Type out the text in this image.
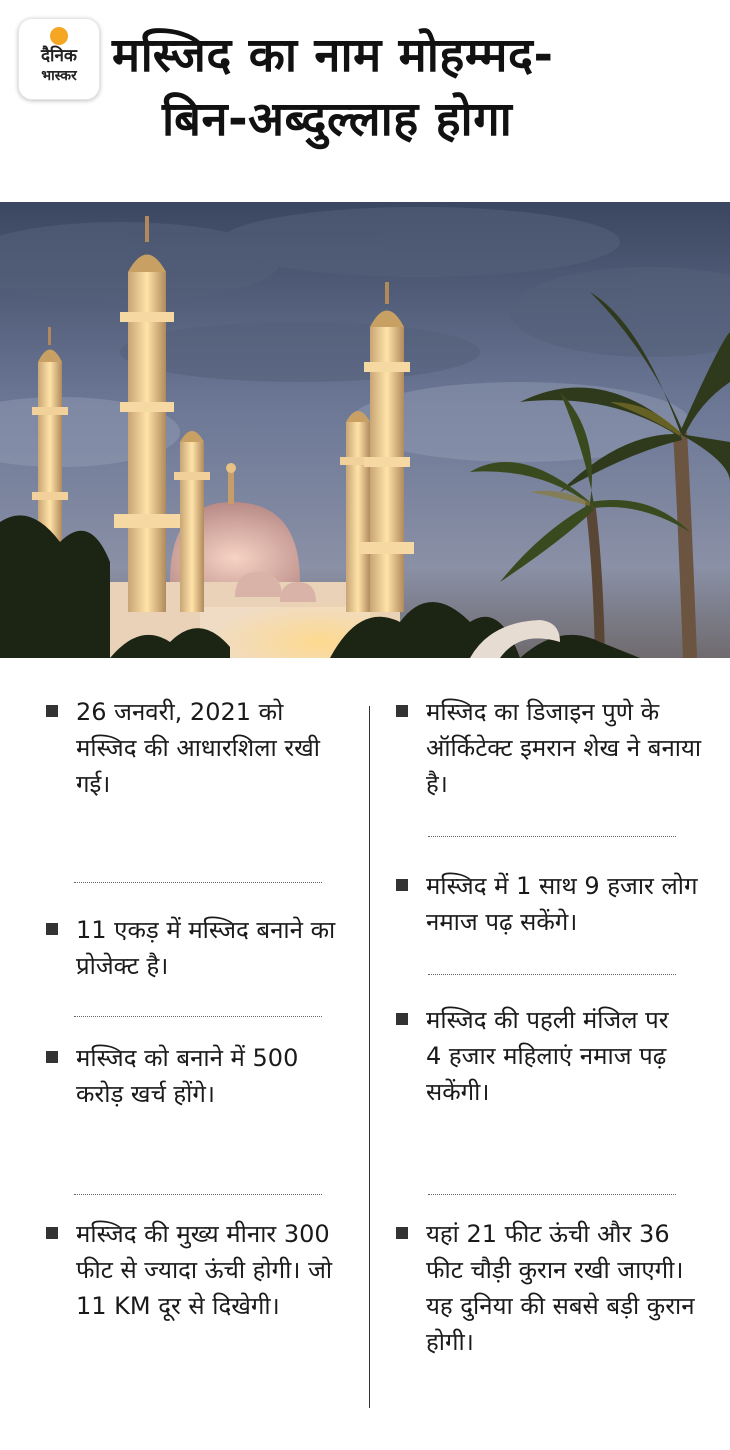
दैनिक
भास्कर मस्जिद का नाम मोहम्मद-
बिन-अब्दुल्लाह होगा
26 जनवरी, 2021 को मस्जिद की आधारशिला रखी गई।
11 एकड़ में मस्जिद बनाने का प्रोजेक्ट है।
मस्जिद को बनाने में 500 करोड़ खर्च होंगे।
मस्जिद की मुख्य मीनार 300 फीट से ज्यादा ऊंची होगी। जो 11 KM दूर से दिखेगी।
मस्जिद का डिजाइन पुणे के ऑर्किटेक्ट इमरान शेख ने बनाया है।
मस्जिद में 1 साथ 9 हजार लोग नमाज पढ़ सकेंगे।
मस्जिद की पहली मंजिल पर 4 हजार महिलाएं नमाज पढ़ सकेंगी।
यहां 21 फीट ऊंची और 36 फीट चौड़ी कुरान रखी जाएगी। यह दुनिया की सबसे बड़ी कुरान होगी।
